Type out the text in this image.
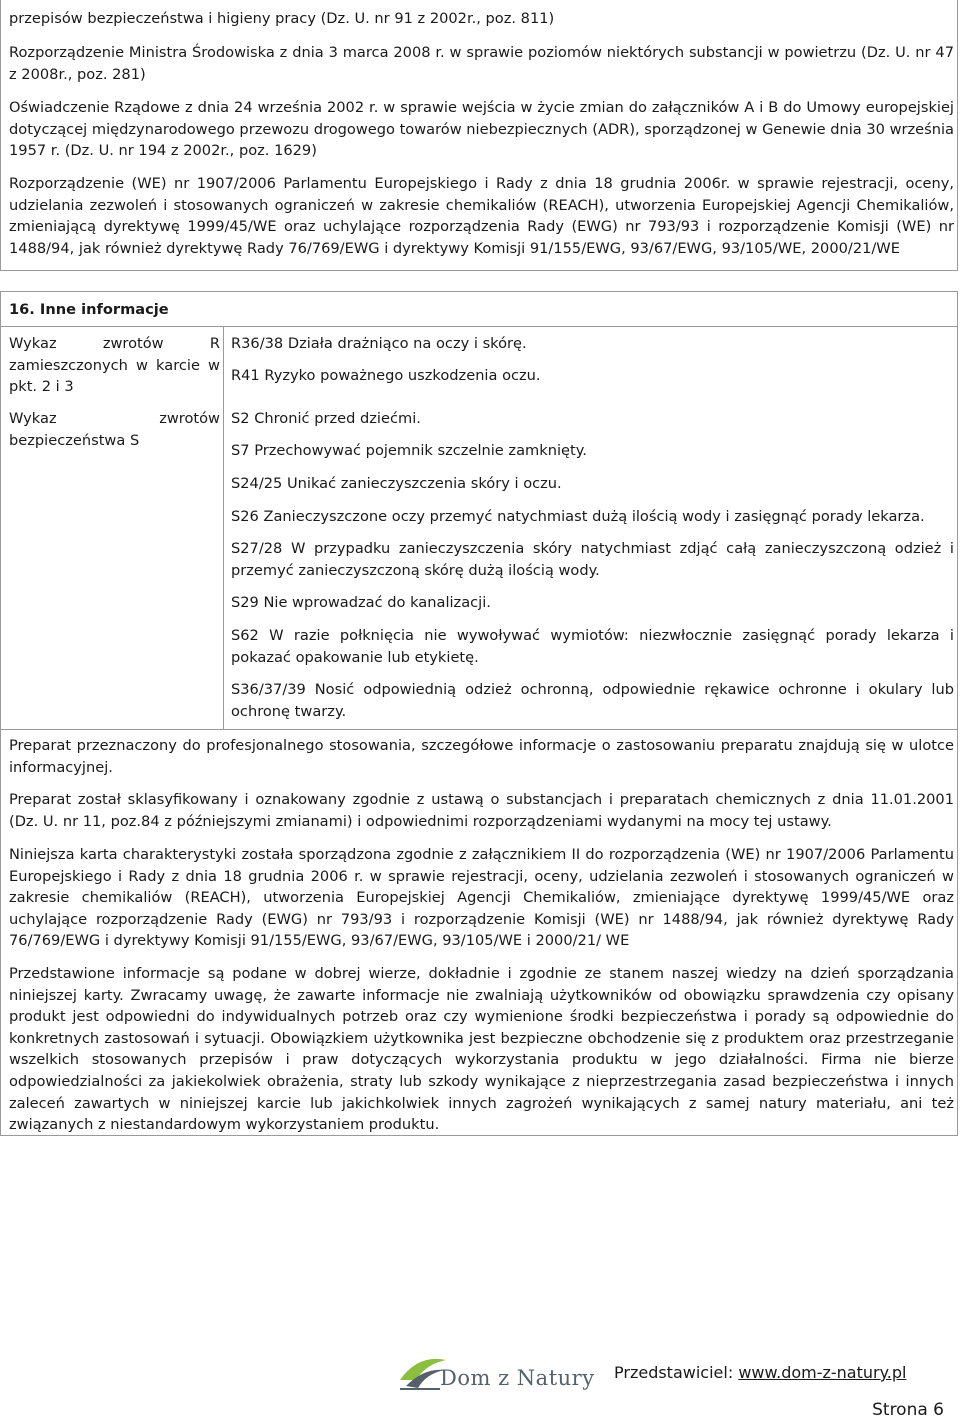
przepisów bezpieczeństwa i higieny pracy (Dz. U. nr 91 z 2002r., poz. 811)

Rozporządzenie Ministra Środowiska z dnia 3 marca 2008 r. w sprawie poziomów niektórych substancji w powietrzu (Dz. U. nr 47 z 2008r., poz. 281)

Oświadczenie Rządowe z dnia 24 września 2002 r. w sprawie wejścia w życie zmian do załączników A i B do Umowy europejskiej dotyczącej międzynarodowego przewozu drogowego towarów niebezpiecznych (ADR), sporządzonej w Genewie dnia 30 września 1957 r. (Dz. U. nr 194 z 2002r., poz. 1629)

Rozporządzenie (WE) nr 1907/2006 Parlamentu Europejskiego i Rady z dnia 18 grudnia 2006r. w sprawie rejestracji, oceny, udzielania zezwoleń i stosowanych ograniczeń w zakresie chemikaliów (REACH), utworzenia Europejskiej Agencji Chemikaliów, zmieniającą dyrektywę 1999/45/WE oraz uchylające rozporządzenia Rady (EWG) nr 793/93 i rozporządzenie Komisji (WE) nr 1488/94, jak również dyrektywę Rady 76/769/EWG i dyrektywy Komisji 91/155/EWG, 93/67/EWG, 93/105/WE, 2000/21/WE

16. Inne informacje

Wykaz zwrotów R zamieszczonych w karcie w pkt. 2 i 3

R36/38 Działa drażniąco na oczy i skórę.

R41 Ryzyko poważnego uszkodzenia oczu.

Wykaz zwrotów bezpieczeństwa S

S2 Chronić przed dziećmi.

S7 Przechowywać pojemnik szczelnie zamknięty.

S24/25 Unikać zanieczyszczenia skóry i oczu.

S26 Zanieczyszczone oczy przemyć natychmiast dużą ilością wody i zasięgnąć porady lekarza.

S27/28 W przypadku zanieczyszczenia skóry natychmiast zdjąć całą zanieczyszczoną odzież i przemyć zanieczyszczoną skórę dużą ilością wody.

S29 Nie wprowadzać do kanalizacji.

S62 W razie połknięcia nie wywoływać wymiotów: niezwłocznie zasięgnąć porady lekarza i pokazać opakowanie lub etykietę.

S36/37/39 Nosić odpowiednią odzież ochronną, odpowiednie rękawice ochronne i okulary lub ochronę twarzy.

Preparat przeznaczony do profesjonalnego stosowania, szczegółowe informacje o zastosowaniu preparatu znajdują się w ulotce informacyjnej.

Preparat został sklasyfikowany i oznakowany zgodnie z ustawą o substancjach i preparatach chemicznych z dnia 11.01.2001 (Dz. U. nr 11, poz.84 z późniejszymi zmianami) i odpowiednimi rozporządzeniami wydanymi na mocy tej ustawy.

Niniejsza karta charakterystyki została sporządzona zgodnie z załącznikiem II do rozporządzenia (WE) nr 1907/2006 Parlamentu Europejskiego i Rady z dnia 18 grudnia 2006 r. w sprawie rejestracji, oceny, udzielania zezwoleń i stosowanych ograniczeń w zakresie chemikaliów (REACH), utworzenia Europejskiej Agencji Chemikaliów, zmieniające dyrektywę 1999/45/WE oraz uchylające rozporządzenie Rady (EWG) nr 793/93 i rozporządzenie Komisji (WE) nr 1488/94, jak również dyrektywę Rady 76/769/EWG i dyrektywy Komisji 91/155/EWG, 93/67/EWG, 93/105/WE i 2000/21/ WE

Przedstawione informacje są podane w dobrej wierze, dokładnie i zgodnie ze stanem naszej wiedzy na dzień sporządzania niniejszej karty. Zwracamy uwagę, że zawarte informacje nie zwalniają użytkowników od obowiązku sprawdzenia czy opisany produkt jest odpowiedni do indywidualnych potrzeb oraz czy wymienione środki bezpieczeństwa i porady są odpowiednie do konkretnych zastosowań i sytuacji. Obowiązkiem użytkownika jest bezpieczne obchodzenie się z produktem oraz przestrzeganie wszelkich stosowanych przepisów i praw dotyczących wykorzystania produktu w jego działalności. Firma nie bierze odpowiedzialności za jakiekolwiek obrażenia, straty lub szkody wynikające z nieprzestrzegania zasad bezpieczeństwa i innych zaleceń zawartych w niniejszej karcie lub jakichkolwiek innych zagrożeń wynikających z samej natury materiału, ani też związanych z niestandardowym wykorzystaniem produktu.

Dom z Natury Przedstawiciel: www.dom-z-natury.pl
Strona 6
